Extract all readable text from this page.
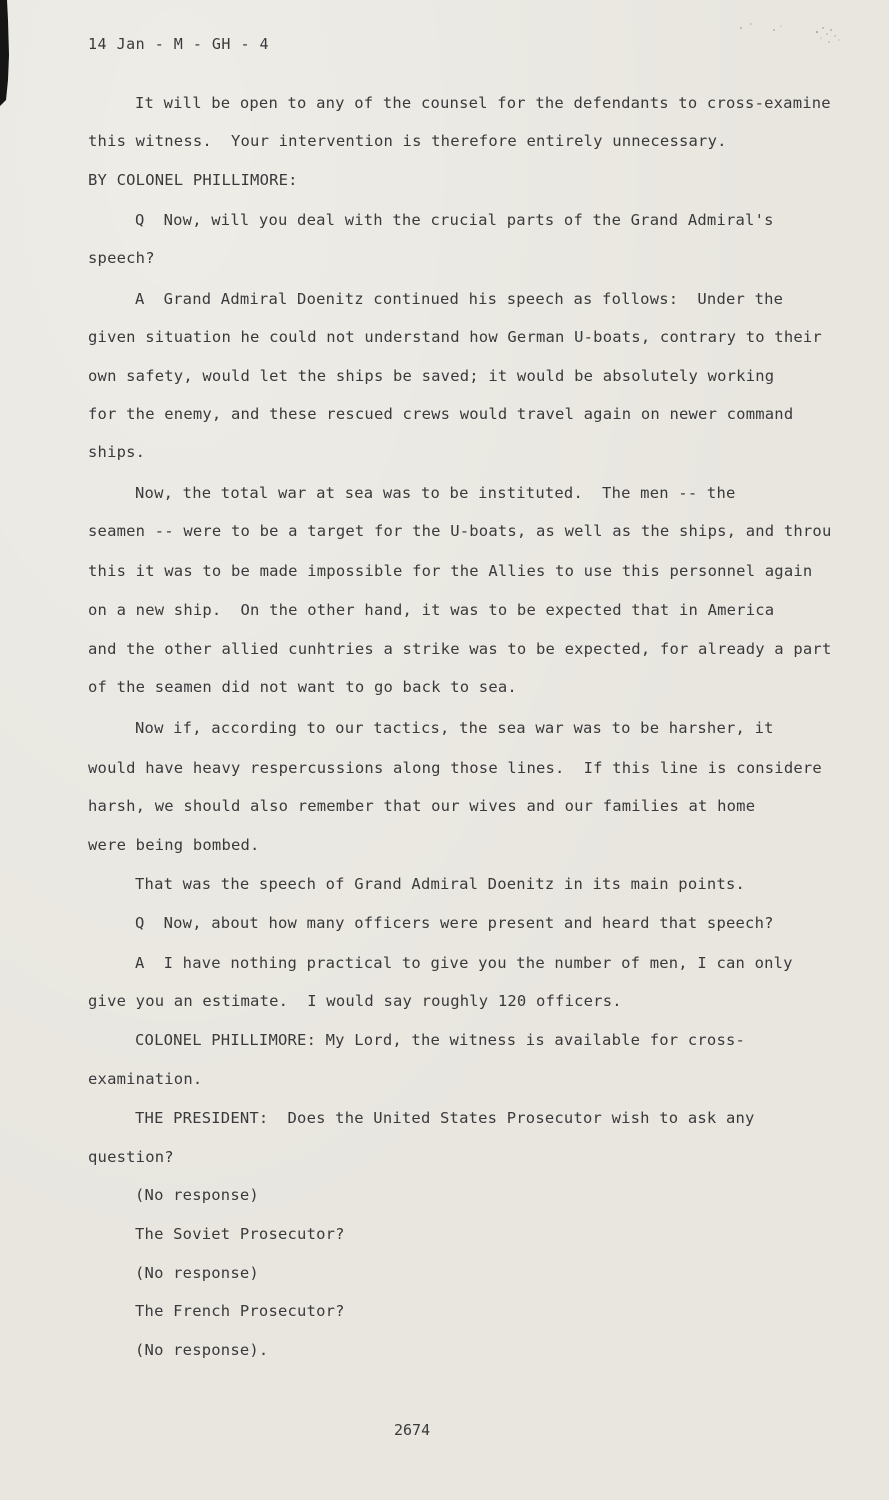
14 Jan - M - GH - 4
It will be open to any of the counsel for the defendants to cross-examine
this witness.  Your intervention is therefore entirely unnecessary.
BY COLONEL PHILLIMORE:
Q  Now, will you deal with the crucial parts of the Grand Admiral's
speech?
A  Grand Admiral Doenitz continued his speech as follows:  Under the
given situation he could not understand how German U-boats, contrary to their
own safety, would let the ships be saved; it would be absolutely working
for the enemy, and these rescued crews would travel again on newer command
ships.
Now, the total war at sea was to be instituted.  The men -- the
seamen -- were to be a target for the U-boats, as well as the ships, and throu
this it was to be made impossible for the Allies to use this personnel again
on a new ship.  On the other hand, it was to be expected that in America
and the other allied cunhtries a strike was to be expected, for already a part
of the seamen did not want to go back to sea.
Now if, according to our tactics, the sea war was to be harsher, it
would have heavy respercussions along those lines.  If this line is considere
harsh, we should also remember that our wives and our families at home
were being bombed.
That was the speech of Grand Admiral Doenitz in its main points.
Q  Now, about how many officers were present and heard that speech?
A  I have nothing practical to give you the number of men, I can only
give you an estimate.  I would say roughly 120 officers.
COLONEL PHILLIMORE: My Lord, the witness is available for cross-
examination.
THE PRESIDENT:  Does the United States Prosecutor wish to ask any
question?
(No response)
The Soviet Prosecutor?
(No response)
The French Prosecutor?
(No response).
2674
